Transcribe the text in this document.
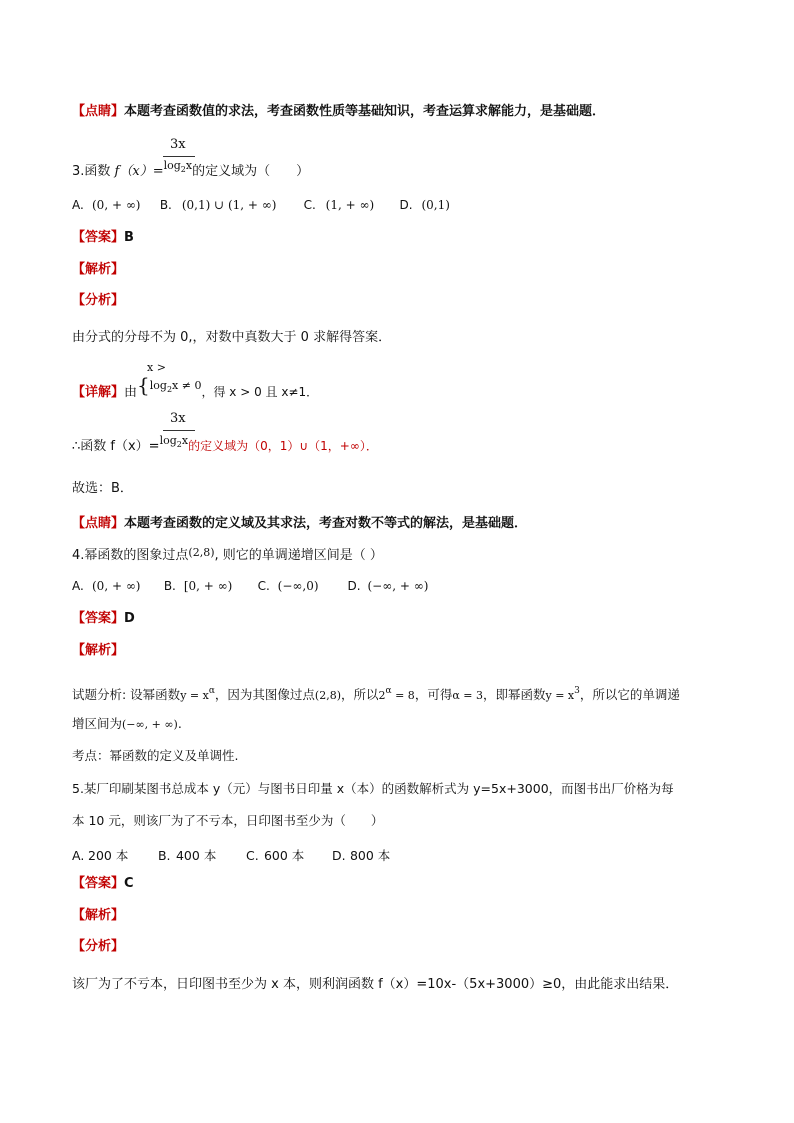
【点睛】本题考查函数值的求法，考查函数性质等基础知识，考查运算求解能力，是基础题．
3x
3.函数 f（x）=$^{log_2x}$的定义域为（　　）
A. (0, + ∞) B. (0,1) ∪ (1, + ∞) C. (1, + ∞) D. (0,1)
【答案】B
【解析】
【分析】
由分式的分母不为 0,，对数中真数大于 0 求解得答案．
x >
【详解】由{$^{log_2x \ne 0}$，得 x > 0 且 x≠1．
3x
∴函数 f（x）=$^{log_2x}$的定义域为（0，1）∪（1，+∞）．
故选：B．
【点睛】本题考查函数的定义域及其求法，考查对数不等式的解法，是基础题．
4.幂函数的图象过点$^{(2,8)}$, 则它的单调递增区间是（ ）
A. (0, + ∞) B. [0, + ∞) C. (−∞,0) D. (−∞, + ∞)
【答案】D
【解析】
试题分析: 设幂函数$y = x^\alpha$，因为其图像过点(2,8)，所以$2^\alpha = 8$，可得α = 3，即幂函数$y = x^3$，所以它的单调递
增区间为(−∞, + ∞).
考点：幂函数的定义及单调性.
5.某厂印刷某图书总成本 y（元）与图书日印量 x（本）的函数解析式为 y=5x+3000，而图书出厂价格为每
本 10 元，则该厂为了不亏本，日印图书至少为（　　）
A. 200 本 B. 400 本 C. 600 本 D. 800 本
【答案】C
【解析】
【分析】
该厂为了不亏本，日印图书至少为 x 本，则利润函数 f（x）=10x-（5x+3000）≥0，由此能求出结果．
